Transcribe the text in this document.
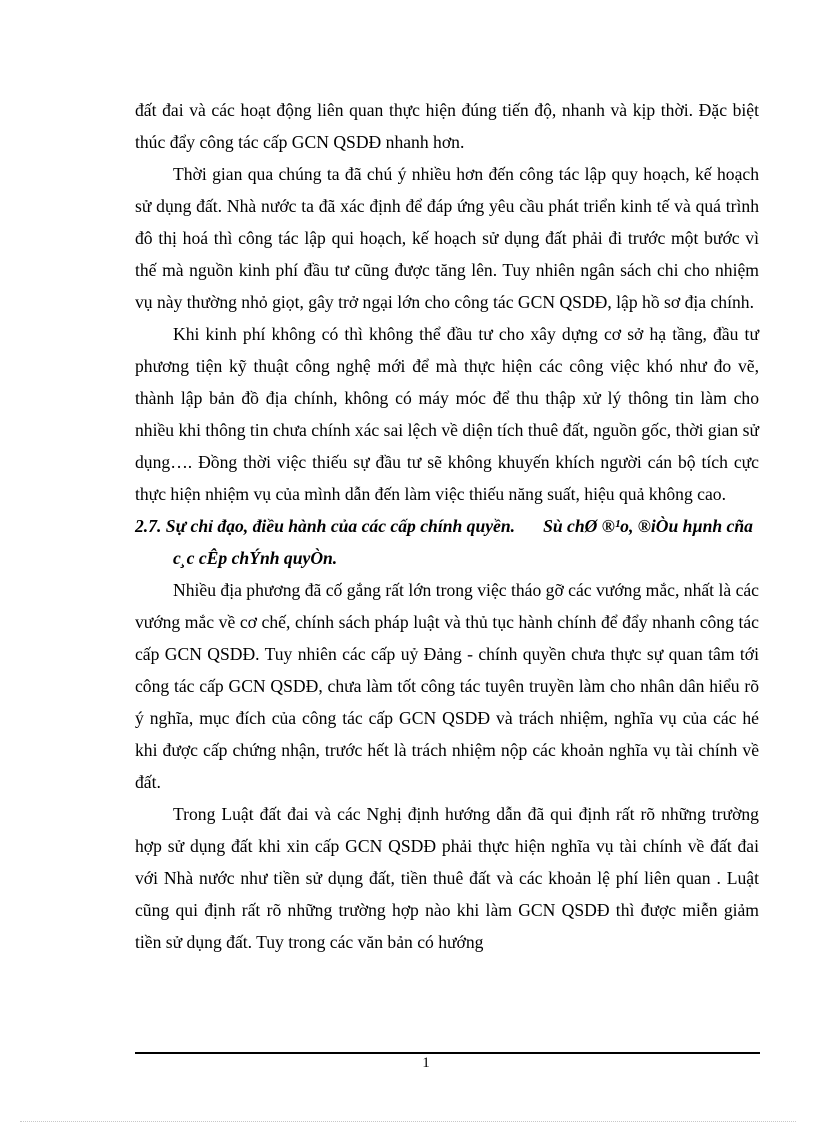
đất đai và các hoạt động liên quan thực hiện đúng tiến độ, nhanh và kịp thời. Đặc biệt thúc đẩy công tác cấp GCN QSDĐ nhanh hơn.

Thời gian qua chúng ta đã chú ý nhiều hơn đến công tác lập quy hoạch, kế hoạch sử dụng đất. Nhà nước ta đã xác định để đáp ứng yêu cầu phát triển kinh tế và quá trình đô thị hoá thì công tác lập qui hoạch, kế hoạch sử dụng đất phải đi trước một bước vì thế mà nguồn kinh phí đầu tư cũng được tăng lên. Tuy nhiên ngân sách chi cho nhiệm vụ này thường nhỏ giọt, gây trở ngại lớn cho công tác GCN QSDĐ, lập hồ sơ địa chính.

Khi kinh phí không có thì không thể đầu tư cho xây dựng cơ sở hạ tầng, đầu tư phương tiện kỹ thuật công nghệ mới để mà thực hiện các công việc khó như đo vẽ, thành lập bản đồ địa chính, không có máy móc để thu thập xử lý thông tin làm cho nhiều khi thông tin chưa chính xác sai lệch về diện tích thuê đất, nguồn gốc, thời gian sử dụng…. Đồng thời việc thiếu sự đầu tư sẽ không khuyến khích người cán bộ tích cực thực hiện nhiệm vụ của mình dẫn đến làm việc thiếu năng suất, hiệu quả không cao.

2.7. Sự chỉ đạo, điều hành của các cấp chính quyền. Sù chØ ®¹o, ®iÒu hµnh cña c¸c cÊp chÝnh quyÒn.

Nhiều địa phương đã cố gắng rất lớn trong việc tháo gỡ các vướng mắc, nhất là các vướng mắc về cơ chế, chính sách pháp luật và thủ tục hành chính để đẩy nhanh công tác cấp GCN QSDĐ. Tuy nhiên các cấp uỷ Đảng - chính quyền chưa thực sự quan tâm tới công tác cấp GCN QSDĐ, chưa làm tốt công tác tuyên truyền làm cho nhân dân hiểu rõ ý nghĩa, mục đích của công tác cấp GCN QSDĐ và trách nhiệm, nghĩa vụ của các hé khi được cấp chứng nhận, trước hết là trách nhiệm nộp các khoản nghĩa vụ tài chính về đất.

Trong Luật đất đai và các Nghị định hướng dẫn đã qui định rất rõ những trường hợp sử dụng đất khi xin cấp GCN QSDĐ phải thực hiện nghĩa vụ tài chính về đất đai với Nhà nước như tiền sử dụng đất, tiền thuê đất và các khoản lệ phí liên quan . Luật cũng qui định rất rõ những trường hợp nào khi làm GCN QSDĐ thì được miễn giảm tiền sử dụng đất. Tuy trong các văn bản có hướng

1
